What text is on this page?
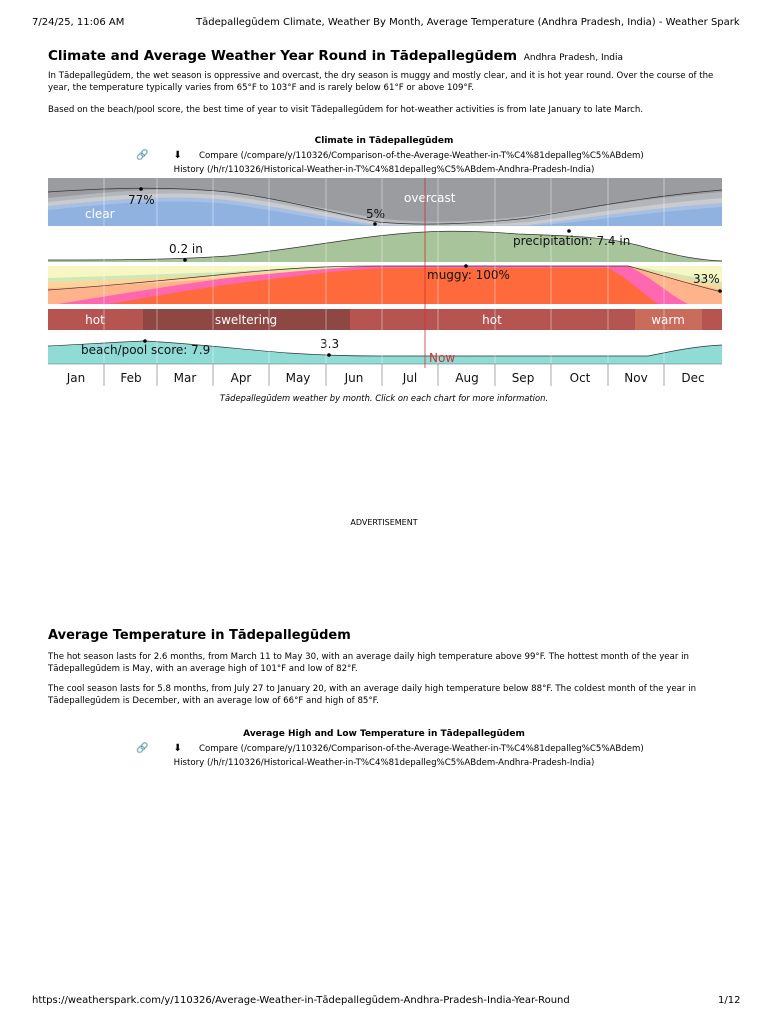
7/24/25, 11:06 AM	Tādepallegūdem Climate, Weather By Month, Average Temperature (Andhra Pradesh, India) - Weather Spark
Climate and Average Weather Year Round in Tādepallegūdem Andhra Pradesh, India
In Tādepallegūdem, the wet season is oppressive and overcast, the dry season is muggy and mostly clear, and it is hot year round. Over the course of the year, the temperature typically varies from 65°F to 103°F and is rarely below 61°F or above 109°F.
Based on the beach/pool score, the best time of year to visit Tādepallegūdem for hot-weather activities is from late January to late March.
Climate in Tādepallegūdem
🔗	⬇ Compare (/compare/y/110326/Comparison-of-the-Average-Weather-in-T%C4%81depalleg%C5%ABdem)
History (/h/r/110326/Historical-Weather-in-T%C4%81depalleg%C5%ABdem-Andhra-Pradesh-India)
77%
5%
clear
overcast
0.2 in
precipitation: 7.4 in
muggy: 100%	33%
hot	sweltering	hot	warm
beach/pool score: 7.9	3.3
Now
Jan	Feb	Mar	Apr	May	Jun	Jul	Aug	Sep	Oct	Nov	Dec
Tādepallegūdem weather by month. Click on each chart for more information.
ADVERTISEMENT
Average Temperature in Tādepallegūdem
The hot season lasts for 2.6 months, from March 11 to May 30, with an average daily high temperature above 99°F. The hottest month of the year in Tādepallegūdem is May, with an average high of 101°F and low of 82°F.
The cool season lasts for 5.8 months, from July 27 to January 20, with an average daily high temperature below 88°F. The coldest month of the year in Tādepallegūdem is December, with an average low of 66°F and high of 85°F.
Average High and Low Temperature in Tādepallegūdem
🔗	⬇ Compare (/compare/y/110326/Comparison-of-the-Average-Weather-in-T%C4%81depalleg%C5%ABdem)
History (/h/r/110326/Historical-Weather-in-T%C4%81depalleg%C5%ABdem-Andhra-Pradesh-India)
https://weatherspark.com/y/110326/Average-Weather-in-Tādepallegūdem-Andhra-Pradesh-India-Year-Round	1/12
